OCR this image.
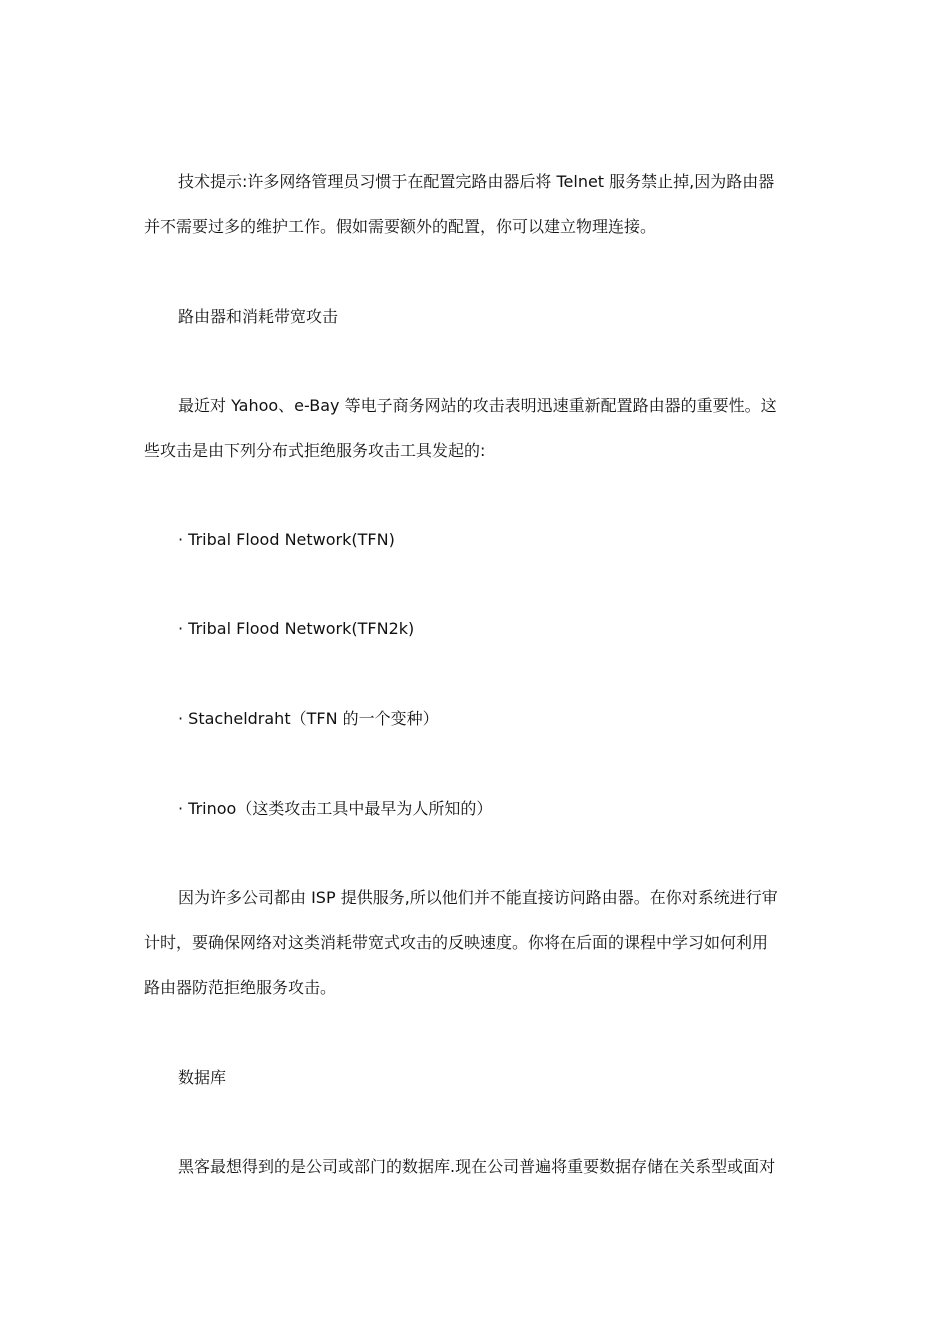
技术提示:许多网络管理员习惯于在配置完路由器后将 Telnet 服务禁止掉,因为路由器
并不需要过多的维护工作。假如需要额外的配置，你可以建立物理连接。
路由器和消耗带宽攻击
最近对 Yahoo、e-Bay 等电子商务网站的攻击表明迅速重新配置路由器的重要性。这
些攻击是由下列分布式拒绝服务攻击工具发起的:
· Tribal Flood Network(TFN)
· Tribal Flood Network(TFN2k)
· Stacheldraht（TFN 的一个变种）
· Trinoo（这类攻击工具中最早为人所知的）
因为许多公司都由 ISP 提供服务,所以他们并不能直接访问路由器。在你对系统进行审
计时，要确保网络对这类消耗带宽式攻击的反映速度。你将在后面的课程中学习如何利用
路由器防范拒绝服务攻击。
数据库
黑客最想得到的是公司或部门的数据库.现在公司普遍将重要数据存储在关系型或面对
